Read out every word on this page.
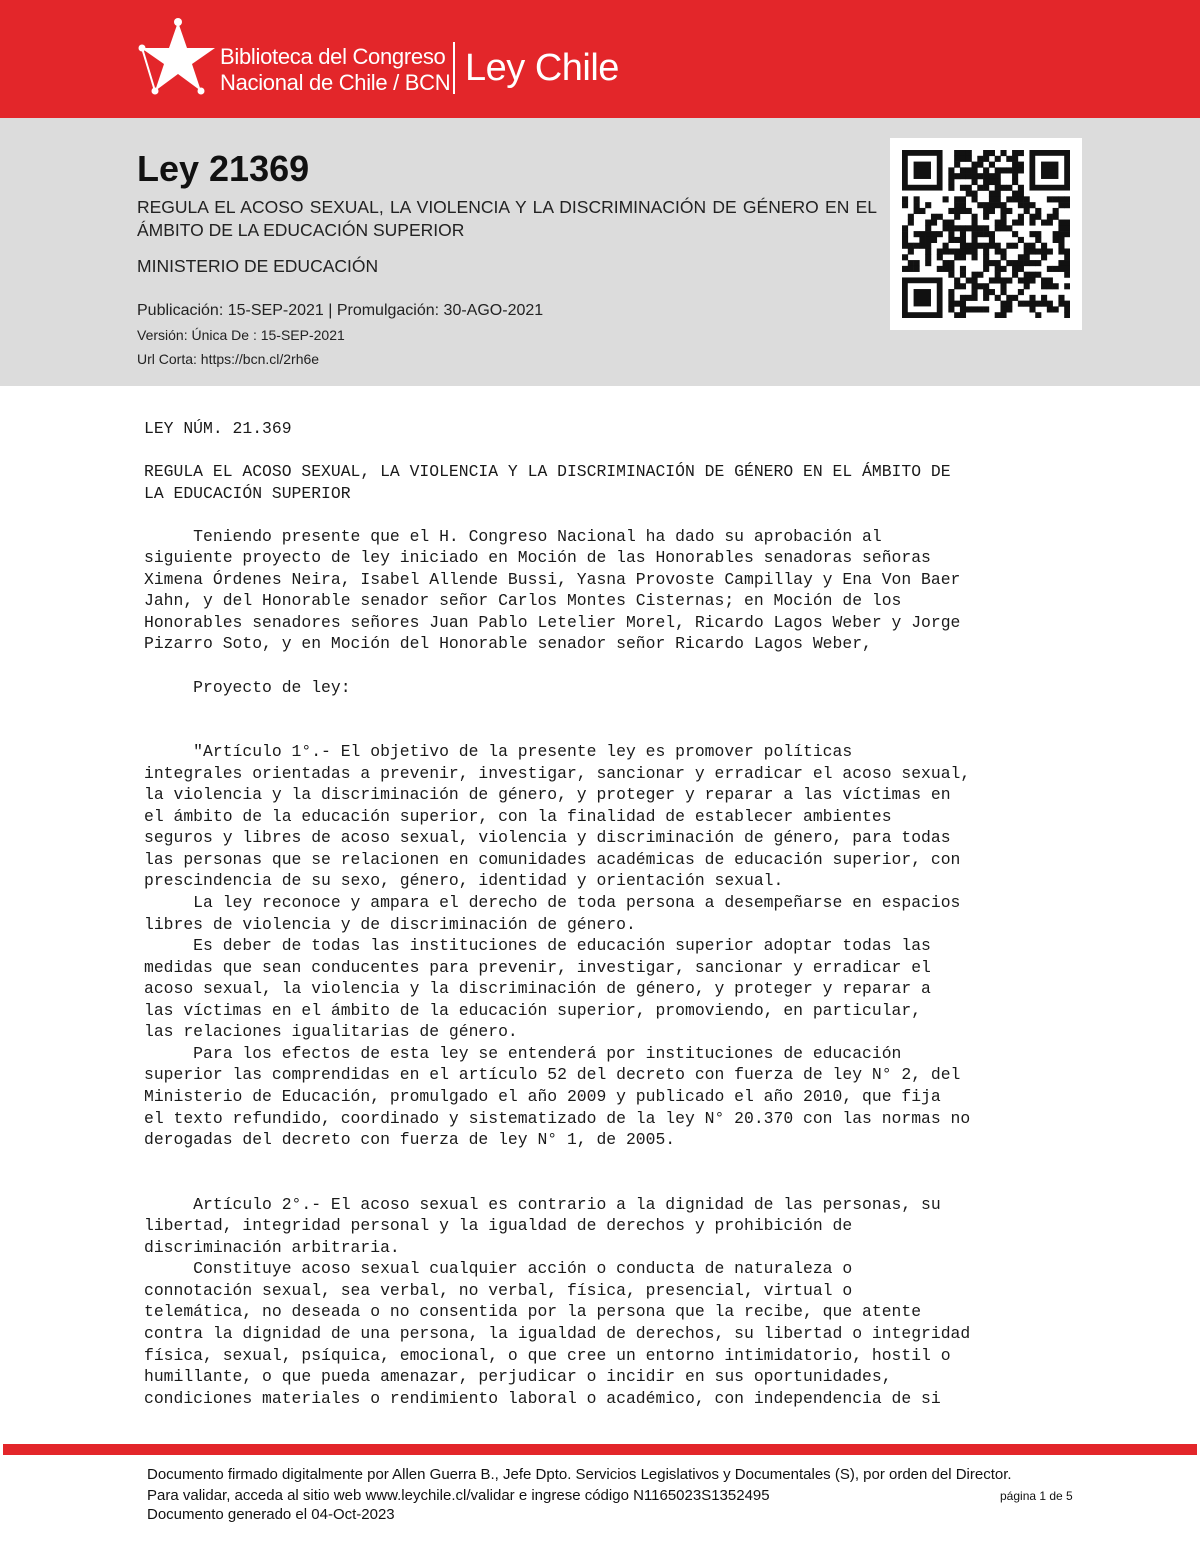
Biblioteca del Congreso
Nacional de Chile / BCN Ley Chile
Ley 21369

REGULA EL ACOSO SEXUAL, LA VIOLENCIA Y LA DISCRIMINACIÓN DE GÉNERO EN EL ÁMBITO DE LA EDUCACIÓN SUPERIOR

MINISTERIO DE EDUCACIÓN
Publicación: 15-SEP-2021 | Promulgación: 30-AGO-2021
Versión: Única De : 15-SEP-2021
Url Corta: https://bcn.cl/2rh6e
LEY NÚM. 21.369

REGULA EL ACOSO SEXUAL, LA VIOLENCIA Y LA DISCRIMINACIÓN DE GÉNERO EN EL ÁMBITO DE
LA EDUCACIÓN SUPERIOR

Teniendo presente que el H. Congreso Nacional ha dado su aprobación al
siguiente proyecto de ley iniciado en Moción de las Honorables senadoras señoras
Ximena Órdenes Neira, Isabel Allende Bussi, Yasna Provoste Campillay y Ena Von Baer
Jahn, y del Honorable senador señor Carlos Montes Cisternas; en Moción de los
Honorables senadores señores Juan Pablo Letelier Morel, Ricardo Lagos Weber y Jorge
Pizarro Soto, y en Moción del Honorable senador señor Ricardo Lagos Weber,

Proyecto de ley:

"Artículo 1°.- El objetivo de la presente ley es promover políticas
integrales orientadas a prevenir, investigar, sancionar y erradicar el acoso sexual,
la violencia y la discriminación de género, y proteger y reparar a las víctimas en
el ámbito de la educación superior, con la finalidad de establecer ambientes
seguros y libres de acoso sexual, violencia y discriminación de género, para todas
las personas que se relacionen en comunidades académicas de educación superior, con
prescindencia de su sexo, género, identidad y orientación sexual.
La ley reconoce y ampara el derecho de toda persona a desempeñarse en espacios
libres de violencia y de discriminación de género.
Es deber de todas las instituciones de educación superior adoptar todas las
medidas que sean conducentes para prevenir, investigar, sancionar y erradicar el
acoso sexual, la violencia y la discriminación de género, y proteger y reparar a
las víctimas en el ámbito de la educación superior, promoviendo, en particular,
las relaciones igualitarias de género.
Para los efectos de esta ley se entenderá por instituciones de educación
superior las comprendidas en el artículo 52 del decreto con fuerza de ley N° 2, del
Ministerio de Educación, promulgado el año 2009 y publicado el año 2010, que fija
el texto refundido, coordinado y sistematizado de la ley N° 20.370 con las normas no
derogadas del decreto con fuerza de ley N° 1, de 2005.

Artículo 2°.- El acoso sexual es contrario a la dignidad de las personas, su
libertad, integridad personal y la igualdad de derechos y prohibición de
discriminación arbitraria.
Constituye acoso sexual cualquier acción o conducta de naturaleza o
connotación sexual, sea verbal, no verbal, física, presencial, virtual o
telemática, no deseada o no consentida por la persona que la recibe, que atente
contra la dignidad de una persona, la igualdad de derechos, su libertad o integridad
física, sexual, psíquica, emocional, o que cree un entorno intimidatorio, hostil o
humillante, o que pueda amenazar, perjudicar o incidir en sus oportunidades,
condiciones materiales o rendimiento laboral o académico, con independencia de si
Documento firmado digitalmente por Allen Guerra B., Jefe Dpto. Servicios Legislativos y Documentales (S), por orden del Director.
Para validar, acceda al sitio web www.leychile.cl/validar e ingrese código N1165023S1352495
Documento generado el 04-Oct-2023
página 1 de 5
